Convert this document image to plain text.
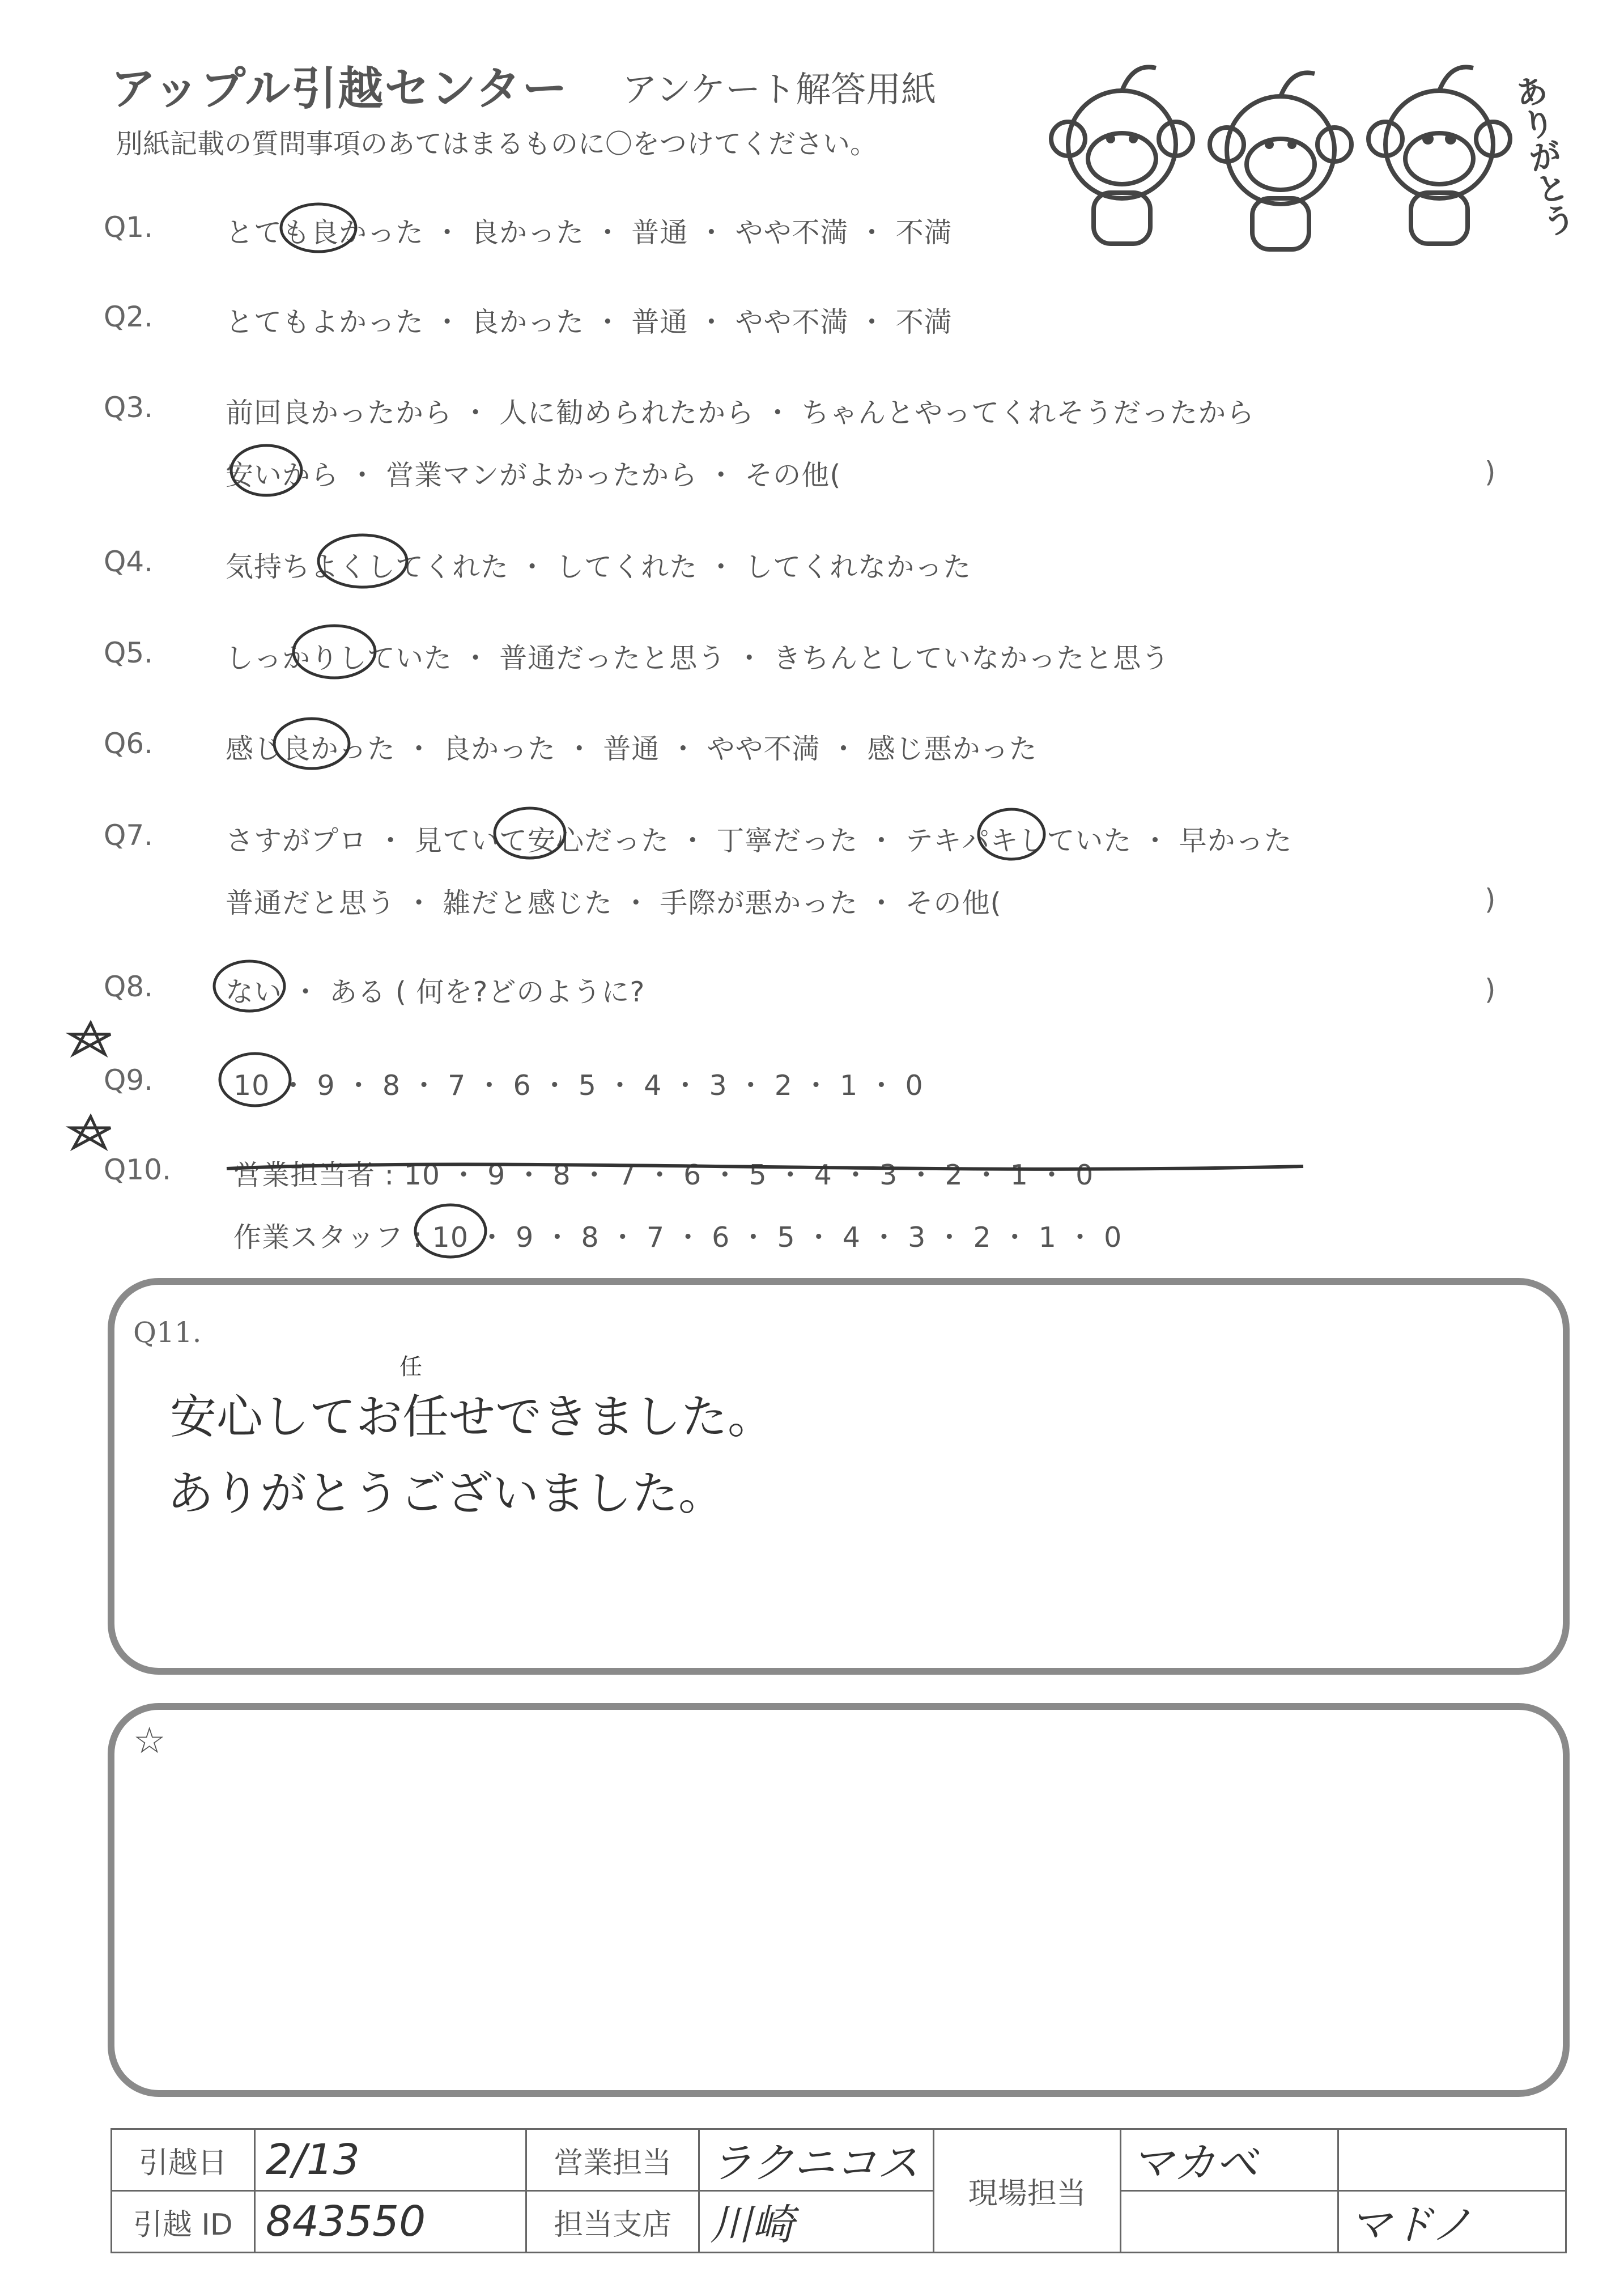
アップル引越センター アンケート解答用紙
別紙記載の質問事項のあてはまるものに〇をつけてください。	ありがとう
Q1.	とても良かった ・ 良かった ・ 普通 ・ やや不満 ・ 不満
Q2.	とてもよかった ・ 良かった ・ 普通 ・ やや不満 ・ 不満
Q3.	前回良かったから ・ 人に勧められたから ・ ちゃんとやってくれそうだったから
安いから ・ 営業マンがよかったから ・ その他(	)
Q4.	気持ちよくしてくれた ・ してくれた ・ してくれなかった
Q5.	しっかりしていた ・ 普通だったと思う ・ きちんとしていなかったと思う
Q6.	感じ良かった ・ 良かった ・ 普通 ・ やや不満 ・ 感じ悪かった
Q7.	さすがプロ ・ 見ていて安心だった ・ 丁寧だった ・ テキパキしていた ・ 早かった
普通だと思う ・ 雑だと感じた ・ 手際が悪かった ・ その他(	)
Q8.	ない ・ ある ( 何を?どのように?	)
Q9.	10 ・ 9 ・ 8 ・ 7 ・ 6 ・ 5 ・ 4 ・ 3 ・ 2 ・ 1 ・ 0
Q10. 営業担当者 : 10 ・ 9 ・ 8 ・ 7 ・ 6 ・ 5 ・ 4 ・ 3 ・ 2 ・ 1 ・ 0
作業スタッフ : 10 ・ 9 ・ 8 ・ 7 ・ 6 ・ 5 ・ 4 ・ 3 ・ 2 ・ 1 ・ 0
Q11.
安心してお任せできました。
任
ありがとうございました。
☆
引越日	2/13	営業担当	ラクニコス	現場担当	マカベ	
引越 ID	843550	担当支店	川崎			マドノ
